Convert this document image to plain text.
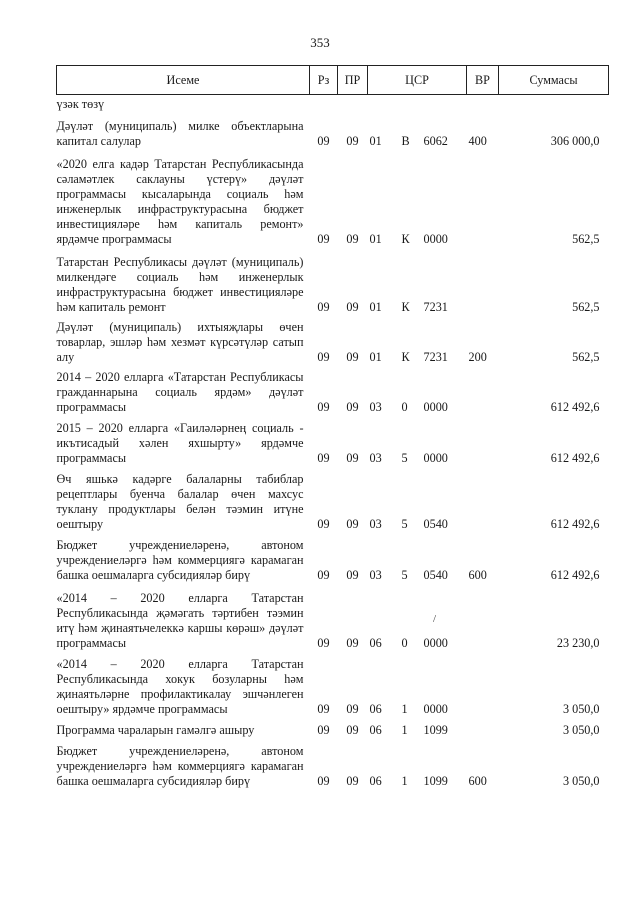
353
Исеме	Рз	ПР	ЦСР			ВР	Суммасы
үзәк төзү							
Дәүләт (муниципаль) милке объектларына капитал салулар	09	09	01	В	6062	400	306 000,0

«2020 елга кадәр Татарстан Республикасында сәламәтлек саклауны үстерү» дәүләт программасы кысаларында социаль һәм инженерлык инфраструктурасына бюджет инвестицияләре һәм капиталь ремонт» ярдәмче программасы	09	09	01	К	0000		562,5

Татарстан Республикасы дәүләт (муниципаль) милкендәге социаль һәм инженерлык инфраструктурасына бюджет инвестицияләре һәм капиталь ремонт	09	09	01	К	7231		562,5

Дәүләт (муниципаль) ихтыяҗлары өчен товарлар, эшләр һәм хезмәт күрсәтүләр сатып алу	09	09	01	К	7231	200	562,5

2014 – 2020 елларга «Татарстан Республикасы гражданнарына социаль ярдәм» дәүләт программасы	09	09	03	0	0000		612 492,6

2015 – 2020 елларга «Гаиләләрнең социаль - икътисадый хәлен яхшырту» ярдәмче программасы	09	09	03	5	0000		612 492,6

Өч яшькә кадәрге балаларны табиблар рецептлары буенча балалар өчен махсус туклану продуктлары белән тәэмин итүне оештыру	09	09	03	5	0540		612 492,6

Бюджет учреждениеләренә, автоном учреждениеләргә һәм коммерциягә карамаган башка оешмаларга субсидияләр бирү	09	09	03	5	0540	600	612 492,6

«2014 – 2020 елларга Татарстан Республикасында җәмәгать тәртибен тәэмин итү һәм җинаятьчелеккә каршы көрәш» дәүләт программасы	09	09	06	0	0000		23 230,0

«2014 – 2020 елларга Татарстан Республикасында хокук бозуларны һәм җинаятьләрне профилактикалау эшчәнлеген оештыру» ярдәмче программасы	09	09	06	1	0000		3 050,0

Программа чараларын гамәлгә ашыру	09	09	06	1	1099		3 050,0

Бюджет учреждениеләренә, автоном учреждениеләргә һәм коммерциягә карамаган башка оешмаларга субсидияләр бирү	09	09	06	1	1099	600	3 050,0
/
